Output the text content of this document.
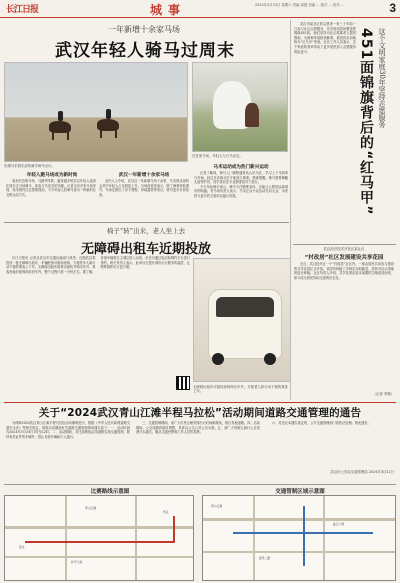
长江日报	城事	2024年3月23日 星期六 责编 周强 美编 … 版式 … 校对 …	3
一年新增十余家马场
武汉年轻人骑马过周末
东湖马术俱乐部的骑手骑马出行。
在近郊马场，年轻人与白马亲近。
年轻人跑马场成为新时尚

周末的近郊马场，马蹄声阵阵。越来越多的武汉年轻人选择在周末去马场骑马，体验与马亲近的乐趣。记者走访多家马场发现，周末预约往往需要提前，不少年轻人将骑马视为一种新的社交和运动方式。

武汉一年新增十余家马场

业内人士介绍，武汉近一年新增马场十余家，马术俱乐部的会员中年轻人占比明显上升。马场经营者表示，除了骑乘体验课外，马场还推出了亲子课程、草地露营等项目，吸引更多市民前来。

马术运动成为热门新兴运动

记者了解到，骑马入门课程通常从认识马匹、学习上下马和牵马开始，经过多次练习后才能独立骑乘。教练提醒，骑马需要佩戴头盔等护具，初学者应在专业教练指导下进行。

不少年轻骑手表示，骑马不仅锻炼身体，还能让人暂时远离城市的喧嚣。有马场负责人表示，马术正从小众运动走向大众，未来将与更多的文旅项目融合发展。

武汉市某社区的志愿者一家三十年如一日参与社区志愿服务，先后收到居民赠送的锦旗451面。他们坚持为社区孤寡老人提供帮助，为困难家庭排忧解难，被居民亲切地称为“红马甲”家庭。社区工作人员表示，这个家庭的善举带动了更多居民加入志愿服务的队伍中。	451面锦旗背后的“红马甲” 这个文明家庭30年坚持志愿服务
武汉经济技术开发区某社区
“村改居”社区发展建设共享花园

近日，武汉经开区一个“村改居”社区内，一座由居民共同参与建设的共享花园正式开放。花园内种植了多种花卉和蔬菜，居民可以认领地块进行种植。社区负责人介绍，共享花园由原本闲置的空地改造而来，如今成为居民休闲交流的好去处。

（记者 李娜）
椅子“转”出来，老人坐上去
无障碍出租车近期投放

长江日报讯 记者从武汉市交通运输部门获悉，近期武汉将投放一批无障碍出租车，车辆配备可旋转座椅，方便老年人和行动不便的乘客上下车。无障碍出租车座椅可旋转并伸出车外，乘客坐稳后座椅再收回车内，整个过程只需一分钟左右。据了解，首批车辆将在主城区投入运营，市民可通过电话和网约平台进行预约。相关负责人表示，此举旨在提升城市出行服务的温度，让特殊群体出行更方便。

无障碍出租车可旋转座椅伸出车外，方便老人和行动不便的乘客上车。
关于“2024武汉青山江滩半程马拉松”活动期间道路交通管理的通告

为保障2024武汉青山江滩半程马拉松活动顺利进行，根据《中华人民共和国道路交通安全法》等相关规定，现将活动期间有关道路交通管理事项通告如下：一、活动时间为2024年3月24日7时至12时。二、活动期间，对比赛路线沿线道路实施交通管制，除持有效证件的车辆外，禁止其他车辆和行人通行。

三、交通管制期间，请广大市民合理安排出行时间和路线，绕行其他道路。四、活动期间，公交线路将临时调整，具体以公交公司公告为准。五、请广大驾驶人和行人自觉遵守本通告，服从交通民警和工作人员的指挥。

六、对违反本通告规定的，公安交通管理部门将依法处理。特此通告。

武汉市公安局交通管理局 2024年3月22日
比赛路线示意图	交通管制区域示意图
青山江滩
起点
终点
和平大道
临江大道
建设二路
青山江滩
